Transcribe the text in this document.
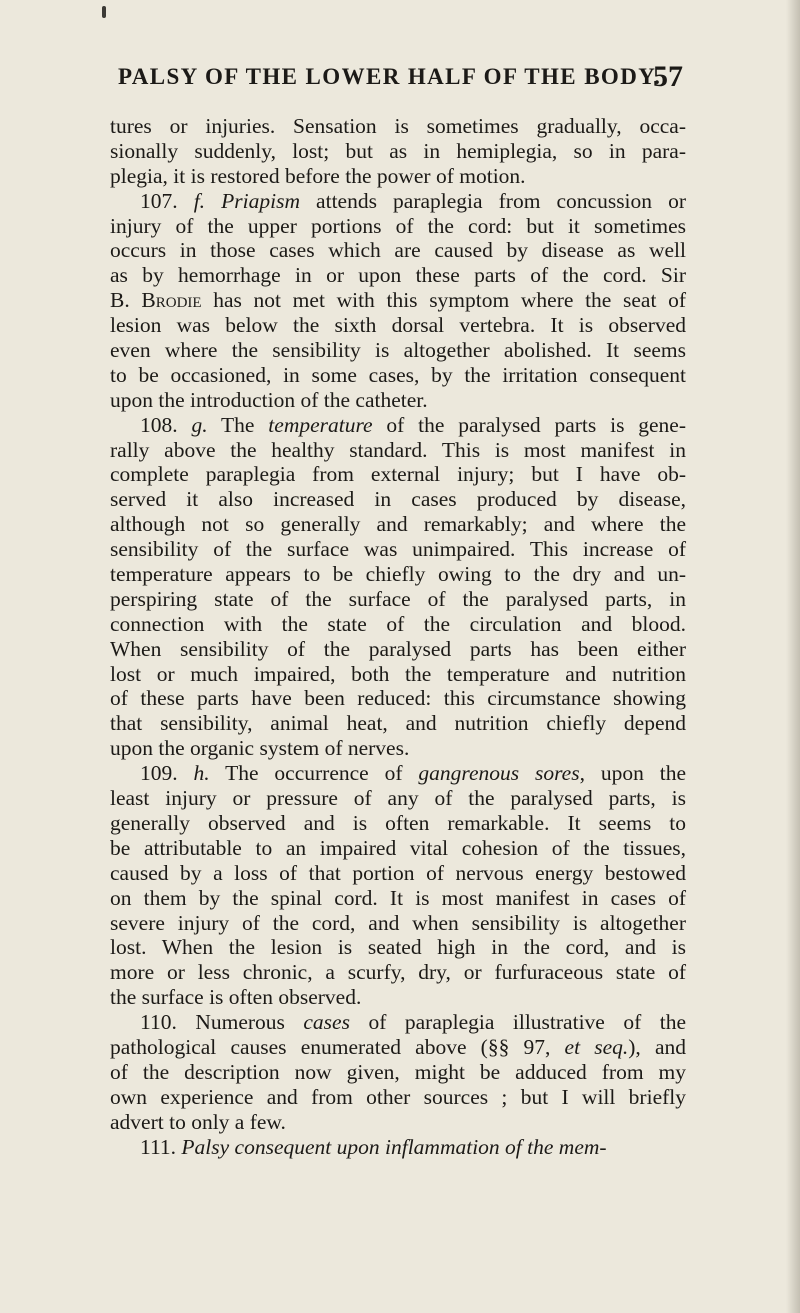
PALSY OF THE LOWER HALF OF THE BODY.
57
tures or injuries. Sensation is sometimes gradually, occa-
sionally suddenly, lost; but as in hemiplegia, so in para-
plegia, it is restored before the power of motion.
107. f. Priapism attends paraplegia from concussion or
injury of the upper portions of the cord: but it sometimes
occurs in those cases which are caused by disease as well
as by hemorrhage in or upon these parts of the cord. Sir
B. Brodie has not met with this symptom where the seat of
lesion was below the sixth dorsal vertebra. It is observed
even where the sensibility is altogether abolished. It seems
to be occasioned, in some cases, by the irritation consequent
upon the introduction of the catheter.
108. g. The temperature of the paralysed parts is gene-
rally above the healthy standard. This is most manifest in
complete paraplegia from external injury; but I have ob-
served it also increased in cases produced by disease,
although not so generally and remarkably; and where the
sensibility of the surface was unimpaired. This increase of
temperature appears to be chiefly owing to the dry and un-
perspiring state of the surface of the paralysed parts, in
connection with the state of the circulation and blood.
When sensibility of the paralysed parts has been either
lost or much impaired, both the temperature and nutrition
of these parts have been reduced: this circumstance showing
that sensibility, animal heat, and nutrition chiefly depend
upon the organic system of nerves.
109. h. The occurrence of gangrenous sores, upon the
least injury or pressure of any of the paralysed parts, is
generally observed and is often remarkable. It seems to
be attributable to an impaired vital cohesion of the tissues,
caused by a loss of that portion of nervous energy bestowed
on them by the spinal cord. It is most manifest in cases of
severe injury of the cord, and when sensibility is altogether
lost. When the lesion is seated high in the cord, and is
more or less chronic, a scurfy, dry, or furfuraceous state of
the surface is often observed.
110. Numerous cases of paraplegia illustrative of the
pathological causes enumerated above (§§ 97, et seq.), and
of the description now given, might be adduced from my
own experience and from other sources ; but I will briefly
advert to only a few.
111. Palsy consequent upon inflammation of the mem-
